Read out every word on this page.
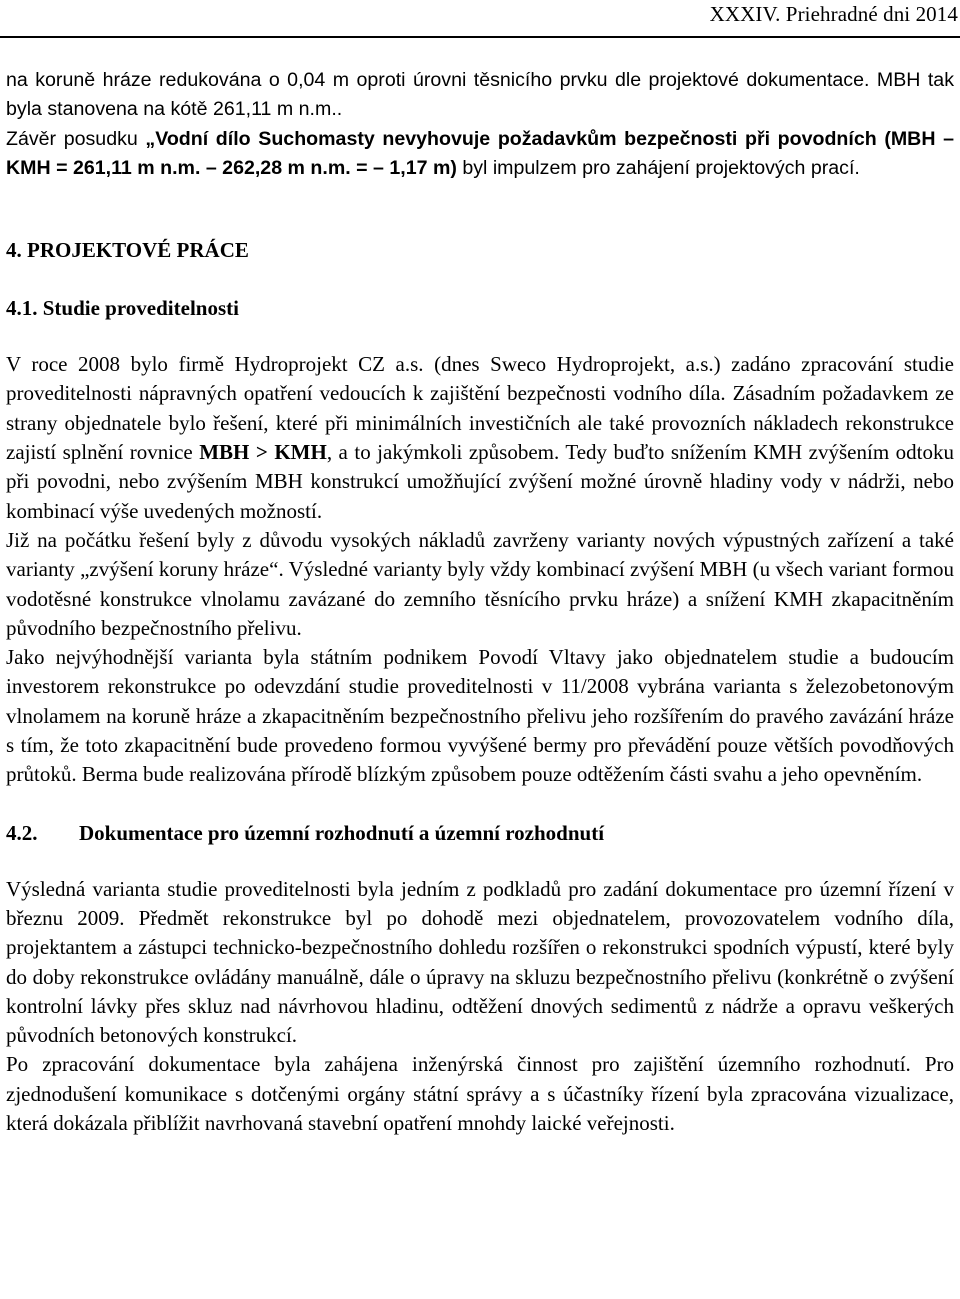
XXXIV. Priehradné dni 2014

na koruně hráze redukována o 0,04 m oproti úrovni těsnicího prvku dle projektové dokumentace. MBH tak byla stanovena na kótě 261,11 m n.m..

Závěr posudku „Vodní dílo Suchomasty nevyhovuje požadavkům bezpečnosti při povodních (MBH – KMH = 261,11 m n.m. – 262,28 m n.m. = – 1,17 m) byl impulzem pro zahájení projektových prací.

4. PROJEKTOVÉ PRÁCE
4.1. Studie proveditelnosti

V roce 2008 bylo firmě Hydroprojekt CZ a.s. (dnes Sweco Hydroprojekt, a.s.) zadáno zpracování studie proveditelnosti nápravných opatření vedoucích k zajištění bezpečnosti vodního díla. Zásadním požadavkem ze strany objednatele bylo řešení, které při minimálních investičních ale také provozních nákladech rekonstrukce zajistí splnění rovnice MBH > KMH, a to jakýmkoli způsobem. Tedy buďto snížením KMH zvýšením odtoku při povodni, nebo zvýšením MBH konstrukcí umožňující zvýšení možné úrovně hladiny vody v nádrži, nebo kombinací výše uvedených možností.

Již na počátku řešení byly z důvodu vysokých nákladů zavrženy varianty nových výpustných zařízení a také varianty „zvýšení koruny hráze“. Výsledné varianty byly vždy kombinací zvýšení MBH (u všech variant formou vodotěsné konstrukce vlnolamu zavázané do zemního těsnícího prvku hráze) a snížení KMH zkapacitněním původního bezpečnostního přelivu.

Jako nejvýhodnější varianta byla státním podnikem Povodí Vltavy jako objednatelem studie a budoucím investorem rekonstrukce po odevzdání studie proveditelnosti v 11/2008 vybrána varianta s železobetonovým vlnolamem na koruně hráze a zkapacitněním bezpečnostního přelivu jeho rozšířením do pravého zavázání hráze s tím, že toto zkapacitnění bude provedeno formou vyvýšené bermy pro převádění pouze větších povodňových průtoků. Berma bude realizována přírodě blízkým způsobem pouze odtěžením části svahu a jeho opevněním.

4.2. Dokumentace pro územní rozhodnutí a územní rozhodnutí

Výsledná varianta studie proveditelnosti byla jedním z podkladů pro zadání dokumentace pro územní řízení v březnu 2009. Předmět rekonstrukce byl po dohodě mezi objednatelem, provozovatelem vodního díla, projektantem a zástupci technicko-bezpečnostního dohledu rozšířen o rekonstrukci spodních výpustí, které byly do doby rekonstrukce ovládány manuálně, dále o úpravy na skluzu bezpečnostního přelivu (konkrétně o zvýšení kontrolní lávky přes skluz nad návrhovou hladinu, odtěžení dnových sedimentů z nádrže a opravu veškerých původních betonových konstrukcí.

Po zpracování dokumentace byla zahájena inženýrská činnost pro zajištění územního rozhodnutí. Pro zjednodušení komunikace s dotčenými orgány státní správy a s účastníky řízení byla zpracována vizualizace, která dokázala přiblížit navrhovaná stavební opatření mnohdy laické veřejnosti.
